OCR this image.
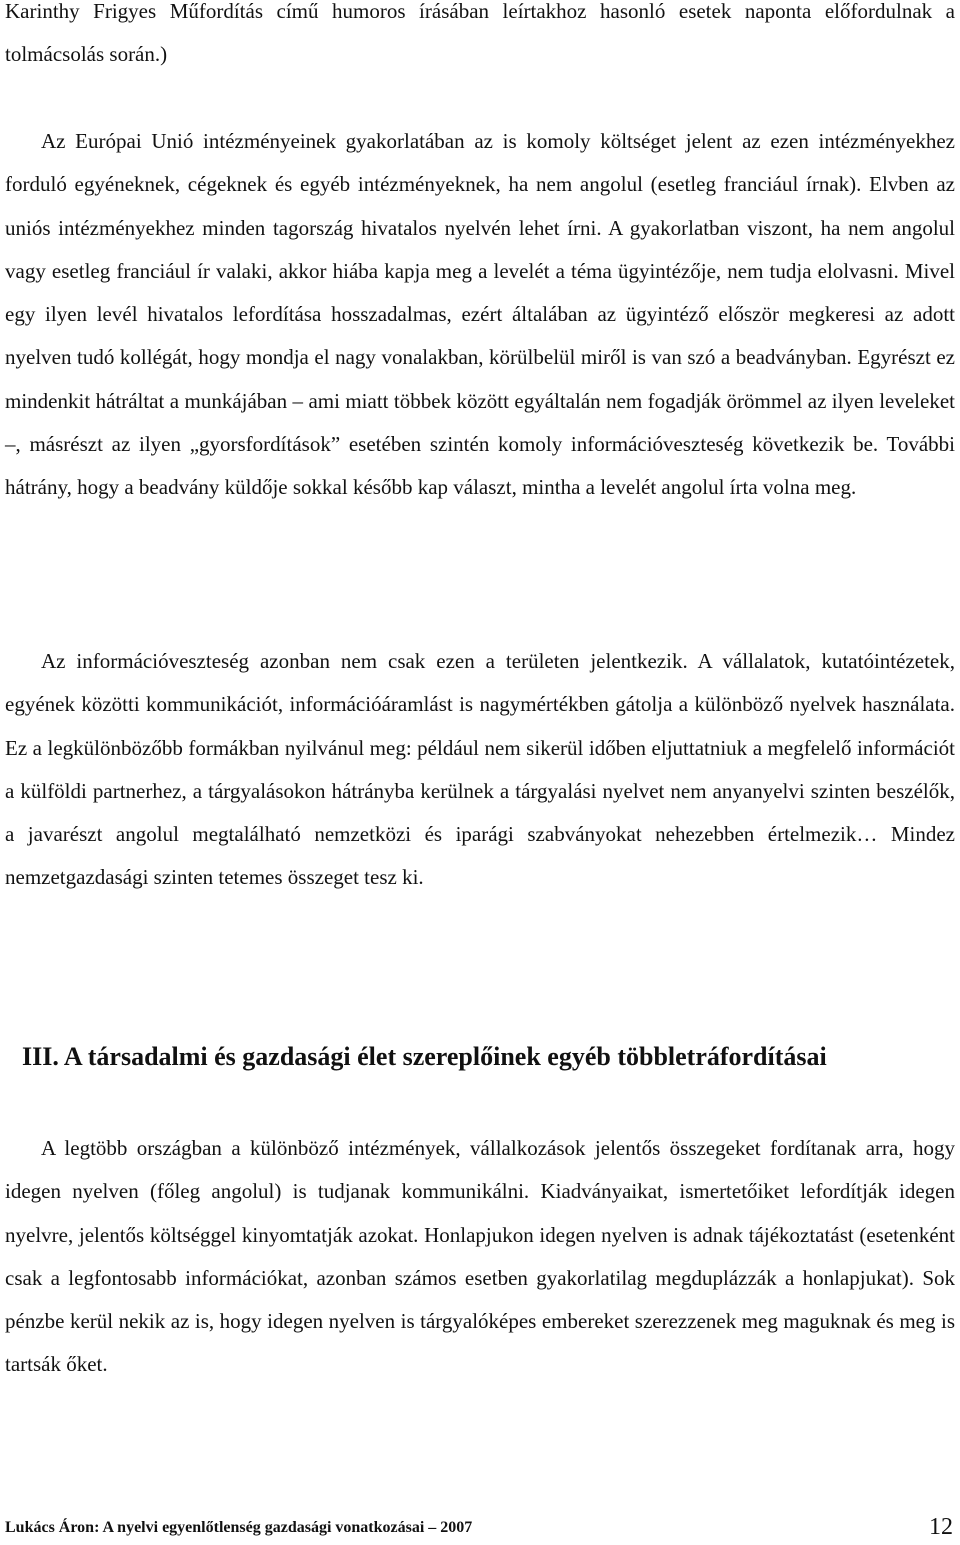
Karinthy Frigyes Műfordítás című humoros írásában leírtakhoz hasonló esetek naponta előfordulnak a tolmácsolás során.)

Az Európai Unió intézményeinek gyakorlatában az is komoly költséget jelent az ezen intézményekhez forduló egyéneknek, cégeknek és egyéb intézményeknek, ha nem angolul (esetleg franciául írnak). Elvben az uniós intézményekhez minden tagország hivatalos nyelvén lehet írni. A gyakorlatban viszont, ha nem angolul vagy esetleg franciául ír valaki, akkor hiába kapja meg a levelét a téma ügyintézője, nem tudja elolvasni. Mivel egy ilyen levél hivatalos lefordítása hosszadalmas, ezért általában az ügyintéző először megkeresi az adott nyelven tudó kollégát, hogy mondja el nagy vonalakban, körülbelül miről is van szó a beadványban. Egyrészt ez mindenkit hátráltat a munkájában – ami miatt többek között egyáltalán nem fogadják örömmel az ilyen leveleket –, másrészt az ilyen „gyorsfordítások” esetében szintén komoly információveszteség következik be. További hátrány, hogy a beadvány küldője sokkal később kap választ, mintha a levelét angolul írta volna meg.

Az információveszteség azonban nem csak ezen a területen jelentkezik. A vállalatok, kutatóintézetek, egyének közötti kommunikációt, információáramlást is nagymértékben gátolja a különböző nyelvek használata. Ez a legkülönbözőbb formákban nyilvánul meg: például nem sikerül időben eljuttatniuk a megfelelő információt a külföldi partnerhez, a tárgyalásokon hátrányba kerülnek a tárgyalási nyelvet nem anyanyelvi szinten beszélők, a javarészt angolul megtalálható nemzetközi és iparági szabványokat nehezebben értelmezik… Mindez nemzetgazdasági szinten tetemes összeget tesz ki.

III. A társadalmi és gazdasági élet szereplőinek egyéb többletráfordításai

A legtöbb országban a különböző intézmények, vállalkozások jelentős összegeket fordítanak arra, hogy idegen nyelven (főleg angolul) is tudjanak kommunikálni. Kiadványaikat, ismertetőiket lefordítják idegen nyelvre, jelentős költséggel kinyomtatják azokat. Honlapjukon idegen nyelven is adnak tájékoztatást (esetenként csak a legfontosabb információkat, azonban számos esetben gyakorlatilag megduplázzák a honlapjukat). Sok pénzbe kerül nekik az is, hogy idegen nyelven is tárgyalóképes embereket szerezzenek meg maguknak és meg is tartsák őket.

Lukács Áron: A nyelvi egyenlőtlenség gazdasági vonatkozásai – 2007	12
